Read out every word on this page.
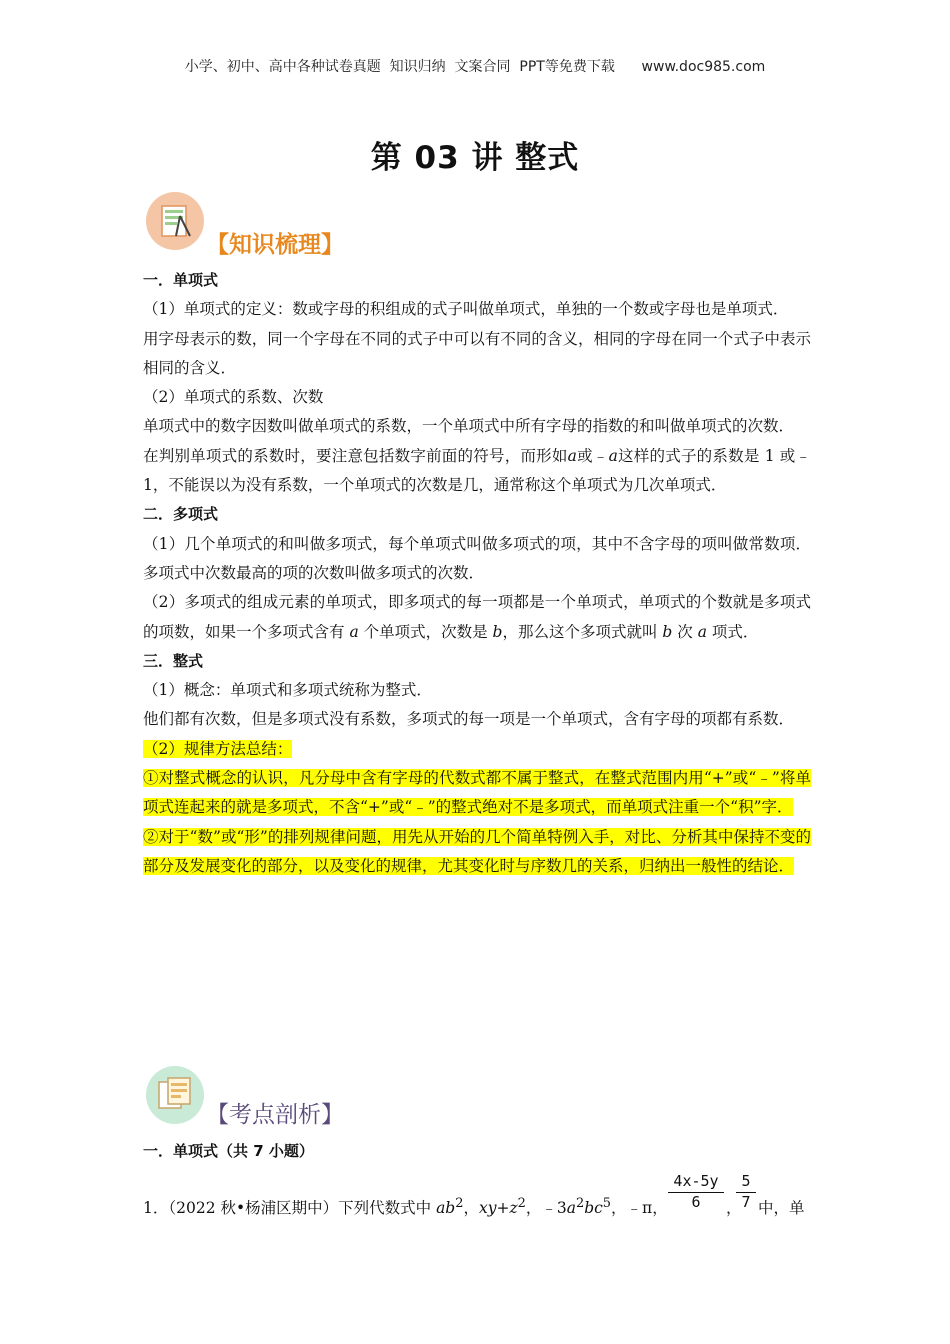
小学、初中、高中各种试卷真题  知识归纳  文案合同  PPT等免费下载      www.doc985.com
第 03 讲 整式
【知识梳理】

一．单项式

（1）单项式的定义：数或字母的积组成的式子叫做单项式，单独的一个数或字母也是单项式．

用字母表示的数，同一个字母在不同的式子中可以有不同的含义，相同的字母在同一个式子中表示相同的含义．

（2）单项式的系数、次数

单项式中的数字因数叫做单项式的系数，一个单项式中所有字母的指数的和叫做单项式的次数．

在判别单项式的系数时，要注意包括数字前面的符号，而形如a或﹣a这样的式子的系数是 1 或﹣1，不能误以为没有系数，一个单项式的次数是几，通常称这个单项式为几次单项式．

二．多项式

（1）几个单项式的和叫做多项式，每个单项式叫做多项式的项，其中不含字母的项叫做常数项．多项式中次数最高的项的次数叫做多项式的次数．

（2）多项式的组成元素的单项式，即多项式的每一项都是一个单项式，单项式的个数就是多项式的项数，如果一个多项式含有 a 个单项式，次数是 b，那么这个多项式就叫 b 次 a 项式．

三．整式

（1）概念：单项式和多项式统称为整式．

他们都有次数，但是多项式没有系数，多项式的每一项是一个单项式，含有字母的项都有系数．

（2）规律方法总结：

①对整式概念的认识，凡分母中含有字母的代数式都不属于整式，在整式范围内用“+”或“﹣”将单项式连起来的就是多项式，不含“+”或“﹣”的整式绝对不是多项式，而单项式注重一个“积”字．

②对于“数”或“形”的排列规律问题，用先从开始的几个简单特例入手，对比、分析其中保持不变的部分及发展变化的部分，以及变化的规律，尤其变化时与序数几的关系，归纳出一般性的结论．

【考点剖析】
一．单项式（共 7 小题）
1．（2022 秋•杨浦区期中）下列代数式中 $ab^2$，$xy+z^2$，$﹣3a^2bc^5$，﹣π， $\frac{4x-5y}{6}$ ，
$\frac{5}{7}$ 中，单
